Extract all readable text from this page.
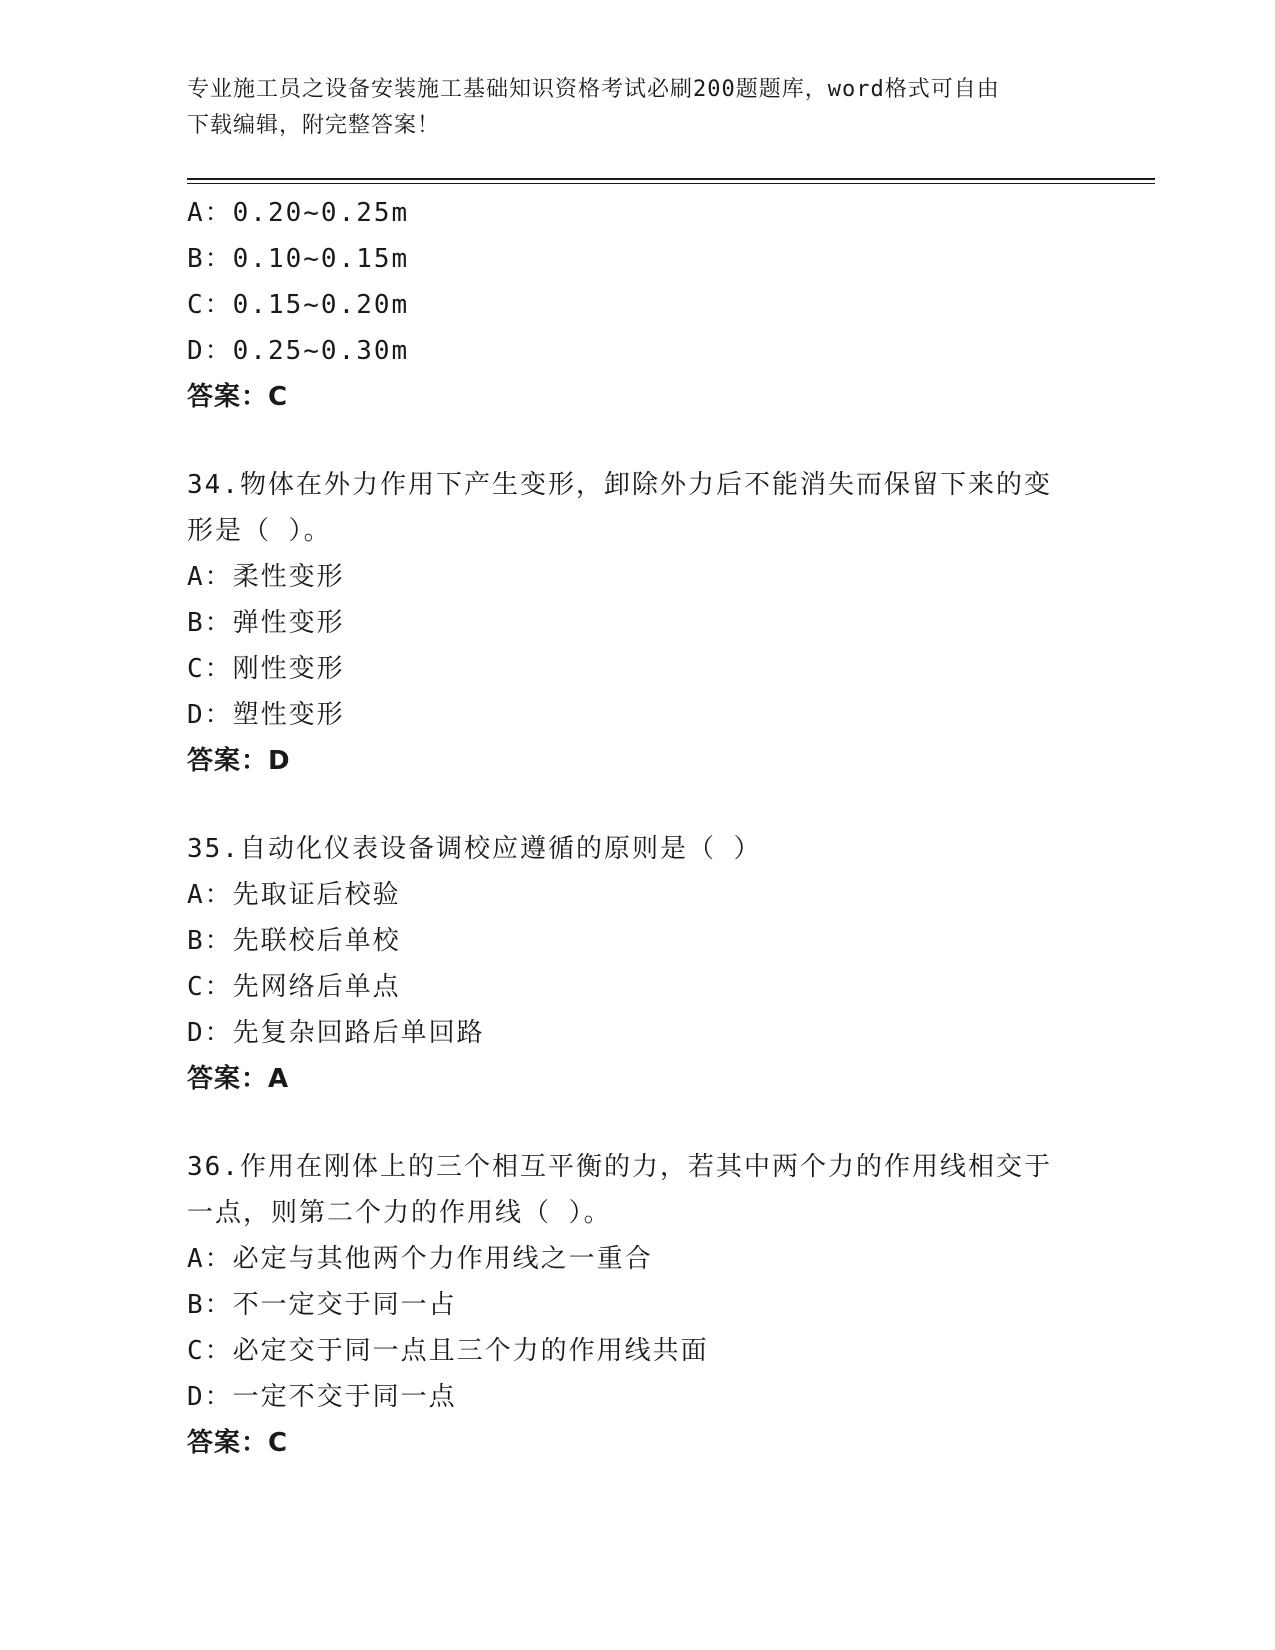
专业施工员之设备安装施工基础知识资格考试必刷200题题库，word格式可自由
下载编辑，附完整答案！
A：0.20~0.25m
B：0.10~0.15m
C：0.15~0.20m
D：0.25~0.30m
答案：C
34.物体在外力作用下产生变形，卸除外力后不能消失而保留下来的变
形是（ ）。
A：柔性变形
B：弹性变形
C：刚性变形
D：塑性变形
答案：D
35.自动化仪表设备调校应遵循的原则是（ ）
A：先取证后校验
B：先联校后单校
C：先网络后单点
D：先复杂回路后单回路
答案：A
36.作用在刚体上的三个相互平衡的力，若其中两个力的作用线相交于
一点，则第二个力的作用线（ ）。
A：必定与其他两个力作用线之一重合
B：不一定交于同一占
C：必定交于同一点且三个力的作用线共面
D：一定不交于同一点
答案：C
